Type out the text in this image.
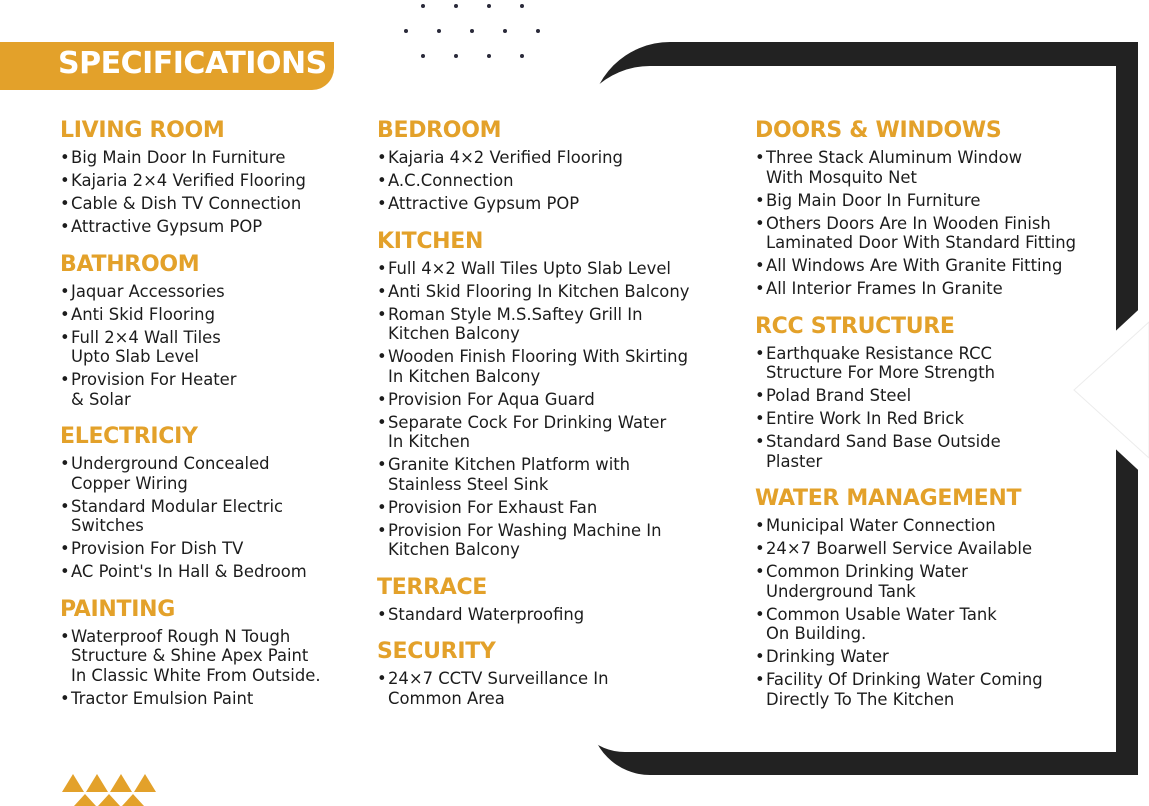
SPECIFICATIONS
LIVING ROOM
• Big Main Door In Furniture
• Kajaria 2×4 Verified Flooring
• Cable & Dish TV Connection
• Attractive Gypsum POP
BATHROOM
• Jaquar Accessories
• Anti Skid Flooring
• Full 2×4 Wall Tiles
Upto Slab Level
• Provision For Heater
& Solar
ELECTRICIY
• Underground Concealed
Copper Wiring
• Standard Modular Electric
Switches
• Provision For Dish TV
• AC Point's In Hall & Bedroom
PAINTING
• Waterproof Rough N Tough
Structure & Shine Apex Paint
In Classic White From Outside.
• Tractor Emulsion Paint
BEDROOM
• Kajaria 4×2 Verified Flooring
• A.C.Connection
• Attractive Gypsum POP
KITCHEN
• Full 4×2 Wall Tiles Upto Slab Level
• Anti Skid Flooring In Kitchen Balcony
• Roman Style M.S.Saftey Grill In
Kitchen Balcony
• Wooden Finish Flooring With Skirting
In Kitchen Balcony
• Provision For Aqua Guard
• Separate Cock For Drinking Water
In Kitchen
• Granite Kitchen Platform with
Stainless Steel Sink
• Provision For Exhaust Fan
• Provision For Washing Machine In
Kitchen Balcony
TERRACE
• Standard Waterproofing
SECURITY
• 24×7 CCTV Surveillance In
Common Area
DOORS & WINDOWS
• Three Stack Aluminum Window
With Mosquito Net
• Big Main Door In Furniture
• Others Doors Are In Wooden Finish
Laminated Door With Standard Fitting
• All Windows Are With Granite Fitting
• All Interior Frames In Granite
RCC STRUCTURE
• Earthquake Resistance RCC
Structure For More Strength
• Polad Brand Steel
• Entire Work In Red Brick
• Standard Sand Base Outside
Plaster
WATER MANAGEMENT
• Municipal Water Connection
• 24×7 Boarwell Service Available
• Common Drinking Water
Underground Tank
• Common Usable Water Tank
On Building.
• Drinking Water
• Facility Of Drinking Water Coming
Directly To The Kitchen
